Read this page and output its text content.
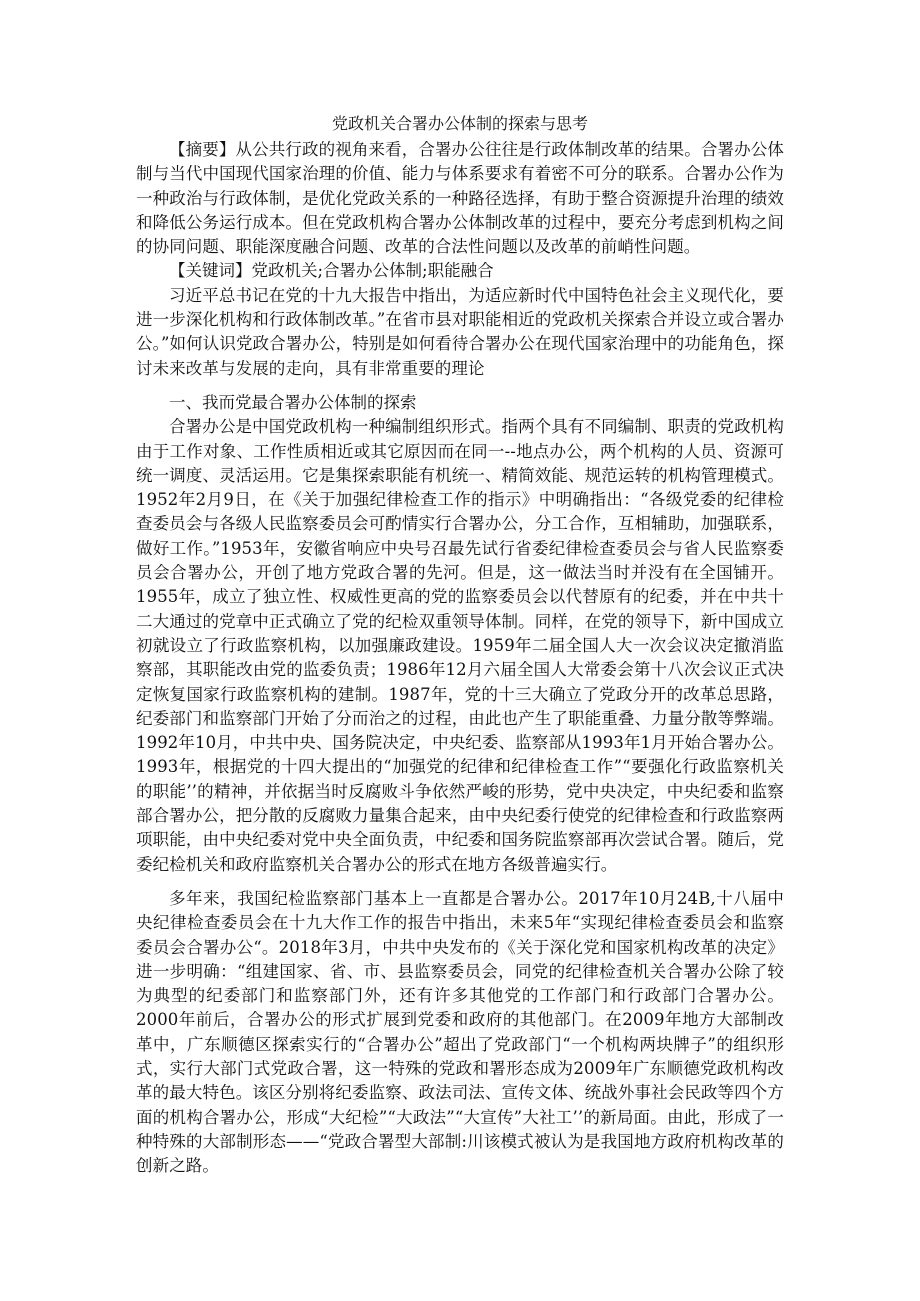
党政机关合署办公体制的探索与思考

【摘要】从公共行政的视角来看，合署办公往往是行政体制改革的结果。合署办公体制与当代中国现代国家治理的价值、能力与体系要求有着密不可分的联系。合署办公作为一种政治与行政体制，是优化党政关系的一种路径选择，有助于整合资源提升治理的绩效和降低公务运行成本。但在党政机构合署办公体制改革的过程中，要充分考虑到机构之间的协同问题、职能深度融合问题、改革的合法性问题以及改革的前峭性问题。

【关键词】党政机关;合署办公体制;职能融合

习近平总书记在党的十九大报告中指出，为适应新时代中国特色社会主义现代化，要进一步深化机构和行政体制改革。”在省市县对职能相近的党政机关探索合并设立或合署办公。”如何认识党政合署办公，特别是如何看待合署办公在现代国家治理中的功能角色，探讨未来改革与发展的走向，具有非常重要的理论

一、我而党最合署办公体制的探索

合署办公是中国党政机构一种编制组织形式。指两个具有不同编制、职责的党政机构由于工作对象、工作性质相近或其它原因而在同一--地点办公，两个机构的人员、资源可统一调度、灵活运用。它是集探索职能有机统一、精简效能、规范运转的机构管理模式。1952年2月9日，在《关于加强纪律检查工作的指示》中明确指出：“各级党委的纪律检查委员会与各级人民监察委员会可酌情实行合署办公，分工合作，互相辅助，加强联系，做好工作。”1953年，安徽省响应中央号召最先试行省委纪律检查委员会与省人民监察委员会合署办公，开创了地方党政合署的先河。但是，这一做法当时并没有在全国铺开。1955年，成立了独立性、权威性更高的党的监察委员会以代替原有的纪委，并在中共十二大通过的党章中正式确立了党的纪检双重领导体制。同样，在党的领导下，新中国成立初就设立了行政监察机构，以加强廉政建设。1959年二届全国人大一次会议决定撤消监察部，其职能改由党的监委负责；1986年12月六届全国人大常委会第十八次会议正式决定恢复国家行政监察机构的建制。1987年，党的十三大确立了党政分开的改革总思路，纪委部门和监察部门开始了分而治之的过程，由此也产生了职能重叠、力量分散等弊端。1992年10月，中共中央、国务院决定，中央纪委、监察部从1993年1月开始合署办公。1993年，根据党的十四大提出的“加强党的纪律和纪律检查工作”“要强化行政监察机关的职能’’的精神，并依据当时反腐败斗争依然严峻的形势，党中央决定，中央纪委和监察部合署办公，把分散的反腐败力量集合起来，由中央纪委行使党的纪律检查和行政监察两项职能，由中央纪委对党中央全面负责，中纪委和国务院监察部再次尝试合署。随后，党委纪检机关和政府监察机关合署办公的形式在地方各级普遍实行。

多年来，我国纪检监察部门基本上一直都是合署办公。2017年10月24B,十八届中央纪律检查委员会在十九大作工作的报告中指出，未来5年“实现纪律检查委员会和监察委员会合署办公“。2018年3月，中共中央发布的《关于深化党和国家机构改革的决定》进一步明确：“组建国家、省、市、县监察委员会，同党的纪律检查机关合署办公除了较为典型的纪委部门和监察部门外，还有许多其他党的工作部门和行政部门合署办公。2000年前后，合署办公的形式扩展到党委和政府的其他部门。在2009年地方大部制改革中，广东顺德区探索实行的“合署办公”超出了党政部门“一个机构两块牌子”的组织形式，实行大部门式党政合署，这一特殊的党政和署形态成为2009年广东顺德党政机构改革的最大特色。该区分别将纪委监察、政法司法、宣传文体、统战外事社会民政等四个方面的机构合署办公，形成“大纪检”“大政法”“大宣传”大社工’’的新局面。由此，形成了一种特殊的大部制形态——“党政合署型大部制:川该模式被认为是我国地方政府机构改革的创新之路。
